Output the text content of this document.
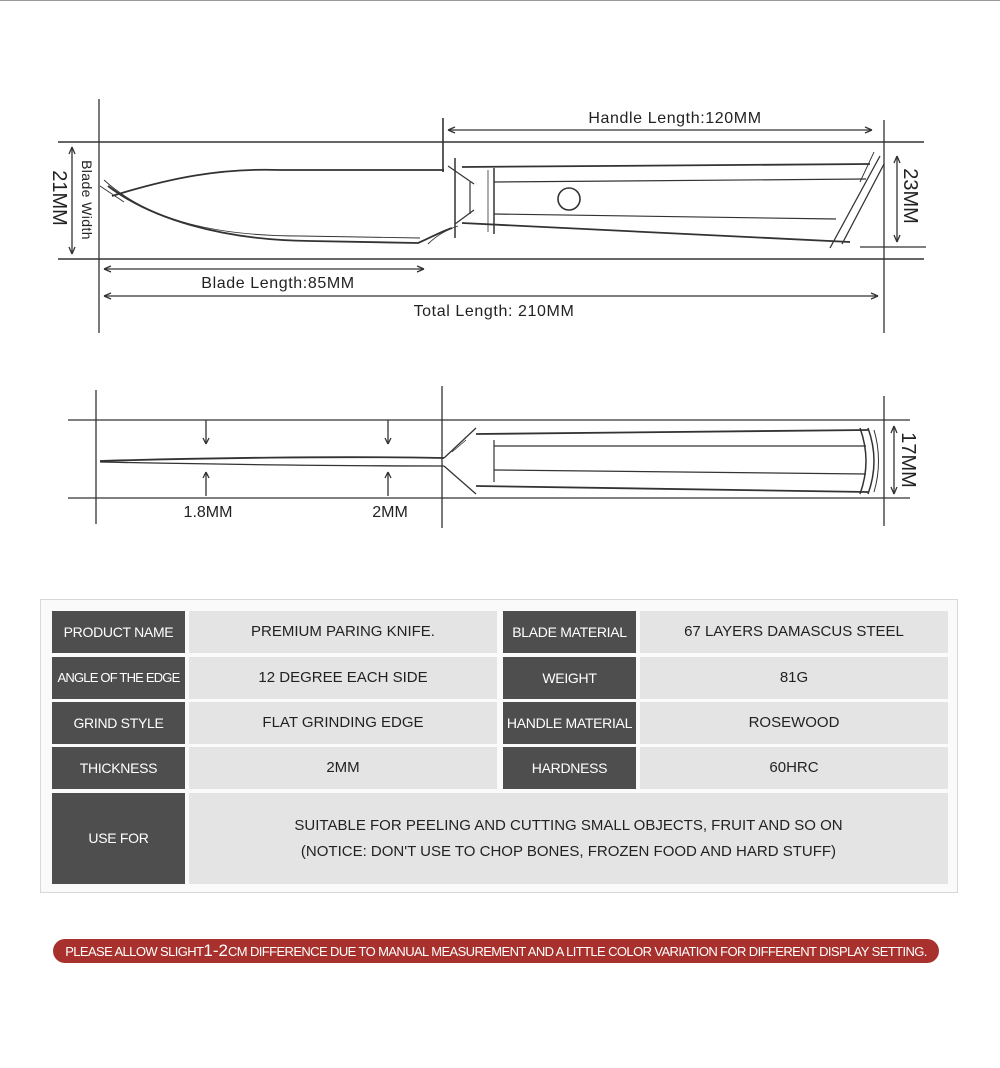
Handle Length:120MM
Blade Length:85MM
Total Length: 210MM
Blade Width
21MM	23MM
1.8MM	2MM
17MM
PRODUCT NAME	PREMIUM PARING KNIFE.	BLADE MATERIAL	67 LAYERS DAMASCUS STEEL
ANGLE OF THE EDGE	12 DEGREE EACH SIDE	WEIGHT	81G
GRIND STYLE	FLAT GRINDING EDGE	HANDLE MATERIAL	ROSEWOOD
THICKNESS	2MM	HARDNESS	60HRC
USE FOR
SUITABLE FOR PEELING AND CUTTING SMALL OBJECTS, FRUIT AND SO ON
(NOTICE: DON'T USE TO CHOP BONES, FROZEN FOOD AND HARD STUFF)
PLEASE ALLOW SLIGHT 1-2 CM DIFFERENCE DUE TO MANUAL MEASUREMENT AND A LITTLE COLOR VARIATION FOR DIFFERENT DISPLAY SETTING.
